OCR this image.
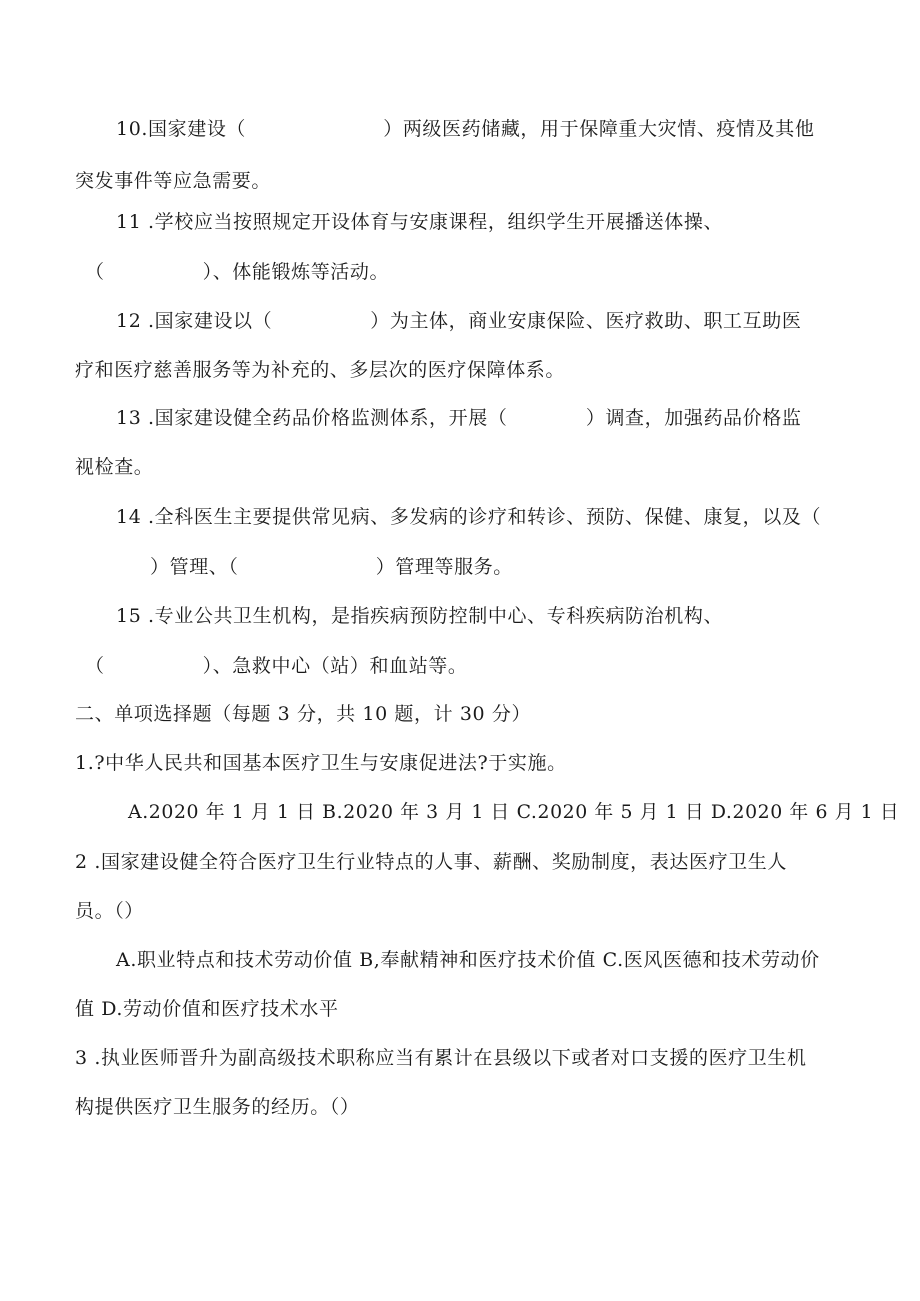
10.国家建设（　　　　　　　）两级医药储藏，用于保障重大灾情、疫情及其他
突发事件等应急需要。
11 .学校应当按照规定开设体育与安康课程，组织学生开展播送体操、
（　　　　　）、体能锻炼等活动。
12 .国家建设以（　　　　　）为主体，商业安康保险、医疗救助、职工互助医
疗和医疗慈善服务等为补充的、多层次的医疗保障体系。
13 .国家建设健全药品价格监测体系，开展（　　　　）调查，加强药品价格监
视检查。
14 .全科医生主要提供常见病、多发病的诊疗和转诊、预防、保健、康复，以及（
）管理、（　　　　　　　）管理等服务。
15 .专业公共卫生机构，是指疾病预防控制中心、专科疾病防治机构、
（　　　　　）、急救中心（站）和血站等。
二、单项选择题（每题 3 分，共 10 题，计 30 分）
1.?中华人民共和国基本医疗卫生与安康促进法?于实施。
A.2020 年 1 月 1 日 B.2020 年 3 月 1 日 C.2020 年 5 月 1 日 D.2020 年 6 月 1 日
2 .国家建设健全符合医疗卫生行业特点的人事、薪酬、奖励制度，表达医疗卫生人
员。（）
A.职业特点和技术劳动价值 B,奉献精神和医疗技术价值 C.医风医德和技术劳动价
值 D.劳动价值和医疗技术水平
3 .执业医师晋升为副高级技术职称应当有累计在县级以下或者对口支援的医疗卫生机
构提供医疗卫生服务的经历。（）
